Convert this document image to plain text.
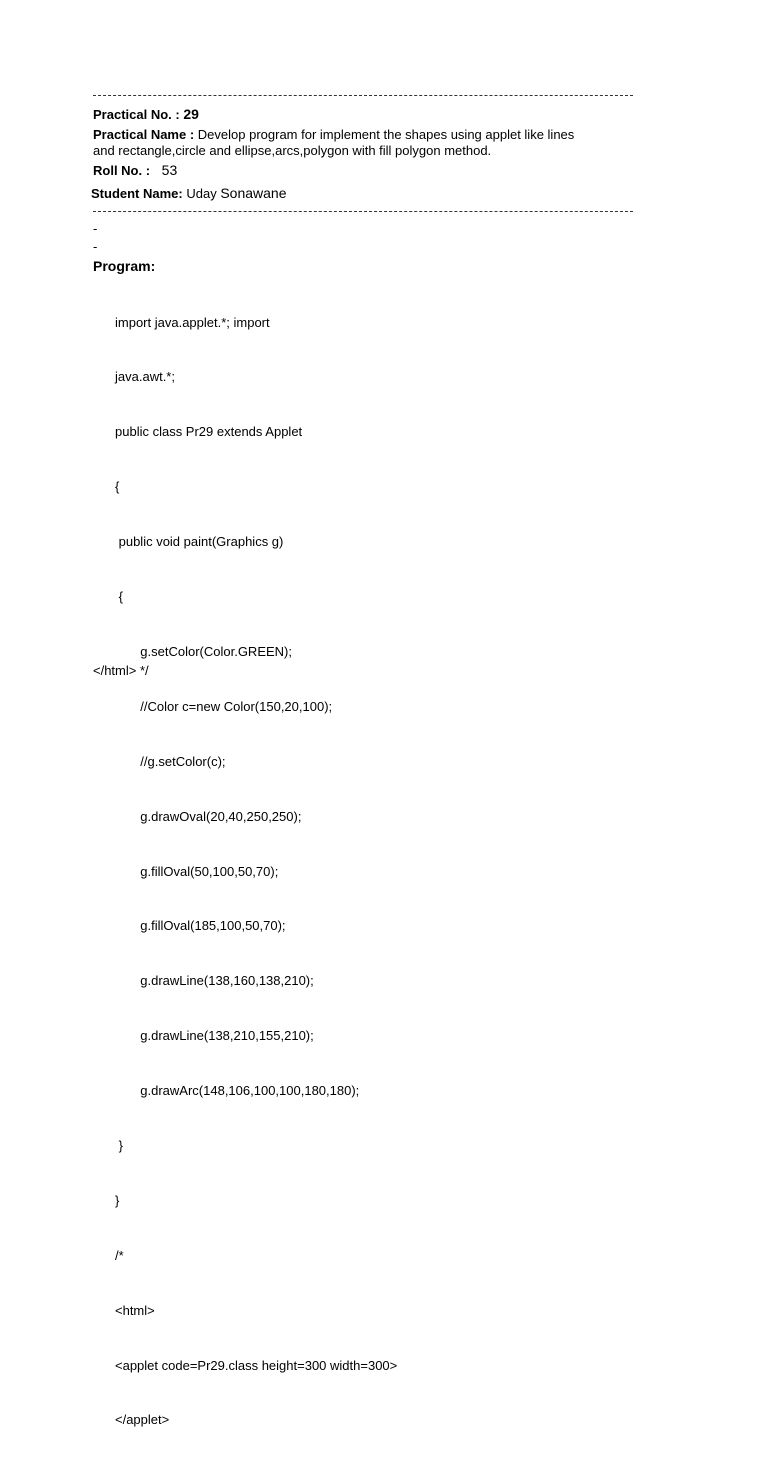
Practical No. : 29
Practical Name : Develop program for implement the shapes using applet like lines
and rectangle,circle and ellipse,arcs,polygon with fill polygon method.
Roll No. : 53
Student Name: Uday Sonawane
-
-
Program:

import java.applet.*; import

java.awt.*;

public class Pr29 extends Applet

{

public void paint(Graphics g)

{

g.setColor(Color.GREEN);

//Color c=new Color(150,20,100);

//g.setColor(c);

g.drawOval(20,40,250,250);

g.fillOval(50,100,50,70);

g.fillOval(185,100,50,70);

g.drawLine(138,160,138,210);

g.drawLine(138,210,155,210);

g.drawArc(148,106,100,100,180,180);

}

}

/*

<html>

<applet code=Pr29.class height=300 width=300>

</applet>

</html> */
